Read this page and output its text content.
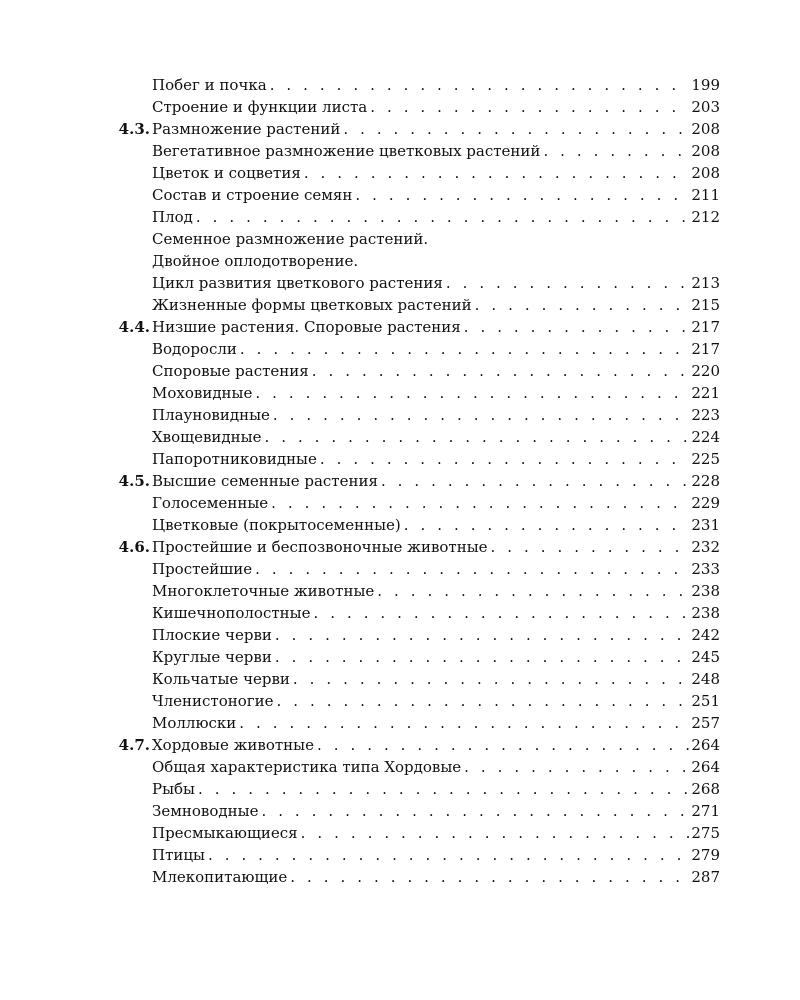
Побег и почка . . .	199
Строение и функции листа . . .	203
4.3. Размножение растений . . .	208
Вегетативное размножение цветковых растений . . .	208
Цветок и соцветия . . .	208
Состав и строение семян . . .	211
Плод . . .	212
Семенное размножение растений.
Двойное оплодотворение.
Цикл развития цветкового растения . . .	213
Жизненные формы цветковых растений . . .	215
4.4. Низшие растения. Споровые растения . . .	217
Водоросли . . .	217
Споровые растения . . .	220
Моховидные . . .	221
Плауновидные . . .	223
Хвощевидные . . .	224
Папоротниковидные . . .	225
4.5. Высшие семенные растения . . .	228
Голосеменные . . .	229
Цветковые (покрытосеменные) . . .	231
4.6. Простейшие и беспозвоночные животные . . .	232
Простейшие . . .	233
Многоклеточные животные . . .	238
Кишечнополостные . . .	238
Плоские черви . . .	242
Круглые черви . . .	245
Кольчатые черви . . .	248
Членистоногие . . .	251
Моллюски . . .	257
4.7. Хордовые животные . . .	264
Общая характеристика типа Хордовые . . .	264
Рыбы . . .	268
Земноводные . . .	271
Пресмыкающиеся . . .	275
Птицы . . .	279
Млекопитающие . . .	287
